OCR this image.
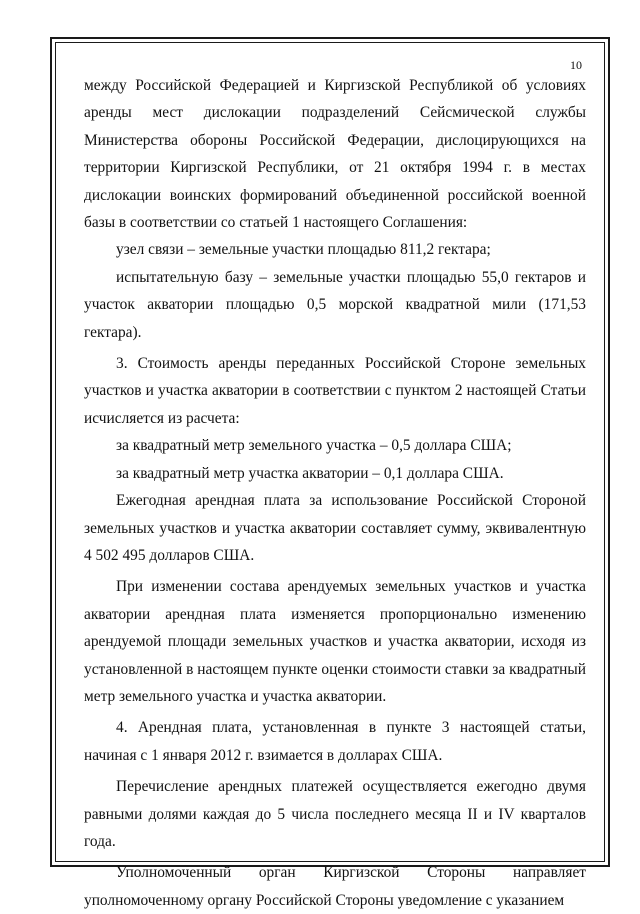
10

между Российской Федерацией и Киргизской Республикой об условиях аренды мест дислокации подразделений Сейсмической службы Министерства обороны Российской Федерации, дислоцирующихся на территории Киргизской Республики, от 21 октября 1994 г. в местах дислокации воинских формирований объединенной российской военной базы в соответствии со статьей 1 настоящего Соглашения:

узел связи – земельные участки площадью 811,2 гектара;

испытательную базу – земельные участки площадью 55,0 гектаров и участок акватории площадью 0,5 морской квадратной мили (171,53 гектара).

3. Стоимость аренды переданных Российской Стороне земельных участков и участка акватории в соответствии с пунктом 2 настоящей Статьи исчисляется из расчета:

за квадратный метр земельного участка – 0,5 доллара США;

за квадратный метр участка акватории – 0,1 доллара США.

Ежегодная арендная плата за использование Российской Стороной земельных участков и участка акватории составляет сумму, эквивалентную 4 502 495 долларов США.

При изменении состава арендуемых земельных участков и участка акватории арендная плата изменяется пропорционально изменению арендуемой площади земельных участков и участка акватории, исходя из установленной в настоящем пункте оценки стоимости ставки за квадратный метр земельного участка и участка акватории.

4. Арендная плата, установленная в пункте 3 настоящей статьи, начиная с 1 января 2012 г. взимается в долларах США.

Перечисление арендных платежей осуществляется ежегодно двумя равными долями каждая до 5 числа последнего месяца II и IV кварталов года.

Уполномоченный орган Киргизской Стороны направляет уполномоченному органу Российской Стороны уведомление с указанием
